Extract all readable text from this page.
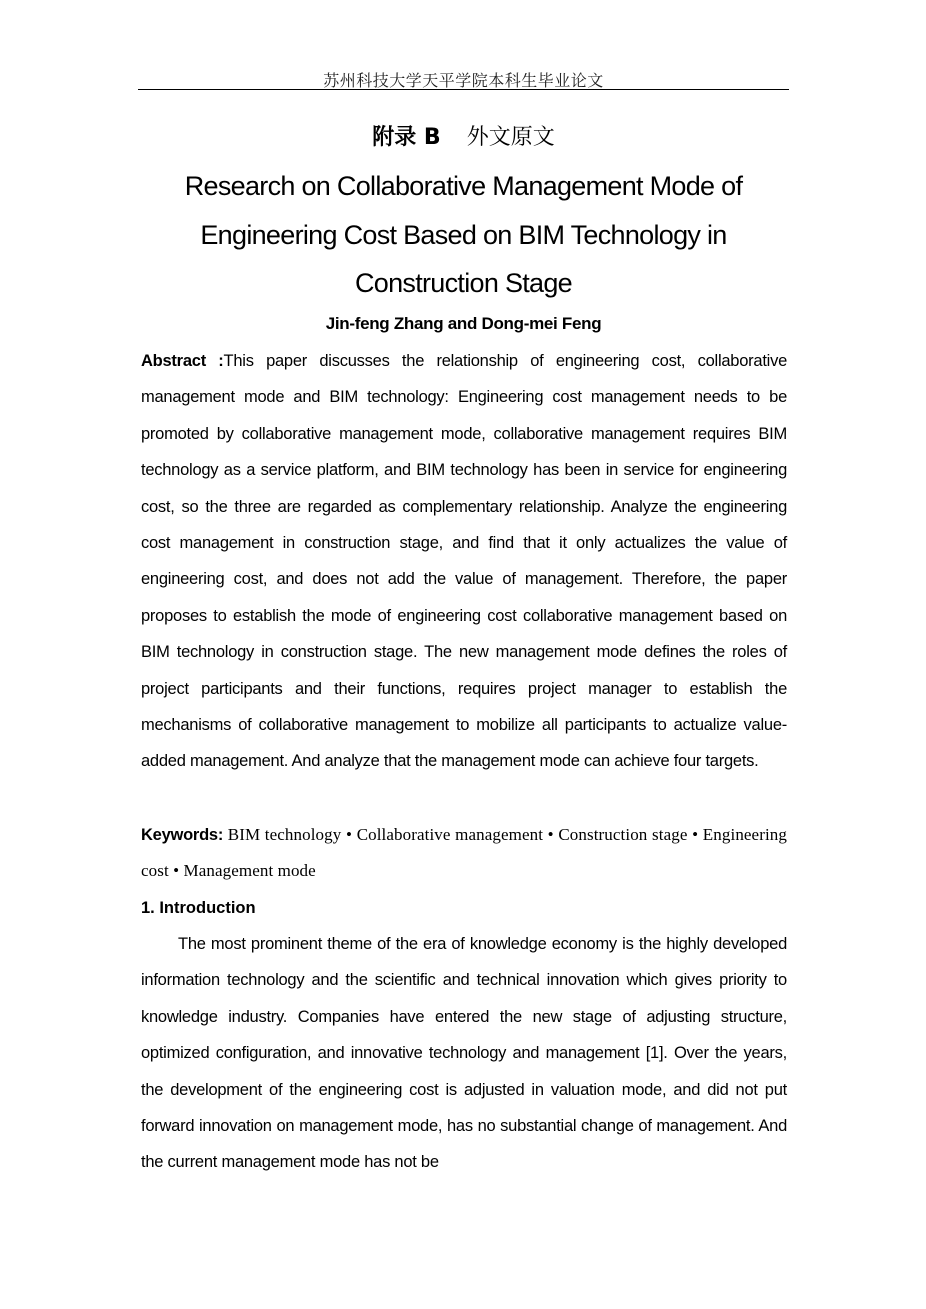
苏州科技大学天平学院本科生毕业论文
附录 B 外文原文
Research on Collaborative Management Mode of Engineering Cost Based on BIM Technology in Construction Stage
Jin-feng Zhang and Dong-mei Feng

Abstract :This paper discusses the relationship of engineering cost, collaborative management mode and BIM technology: Engineering cost management needs to be promoted by collaborative management mode, collaborative management requires BIM technology as a service platform, and BIM technology has been in service for engineering cost, so the three are regarded as complementary relationship. Analyze the engineering cost management in construction stage, and find that it only actualizes the value of engineering cost, and does not add the value of management. Therefore, the paper proposes to establish the mode of engineering cost collaborative management based on BIM technology in construction stage. The new management mode defines the roles of project participants and their functions, requires project manager to establish the mechanisms of collaborative management to mobilize all participants to actualize value-added management. And analyze that the management mode can achieve four targets.

Keywords: BIM technology • Collaborative management • Construction stage • Engineering cost • Management mode

1. Introduction

The most prominent theme of the era of knowledge economy is the highly developed information technology and the scientific and technical innovation which gives priority to knowledge industry. Companies have entered the new stage of adjusting structure, optimized configuration, and innovative technology and management [1]. Over the years, the development of the engineering cost is adjusted in valuation mode, and did not put forward innovation on management mode, has no substantial change of management. And the current management mode has not be
